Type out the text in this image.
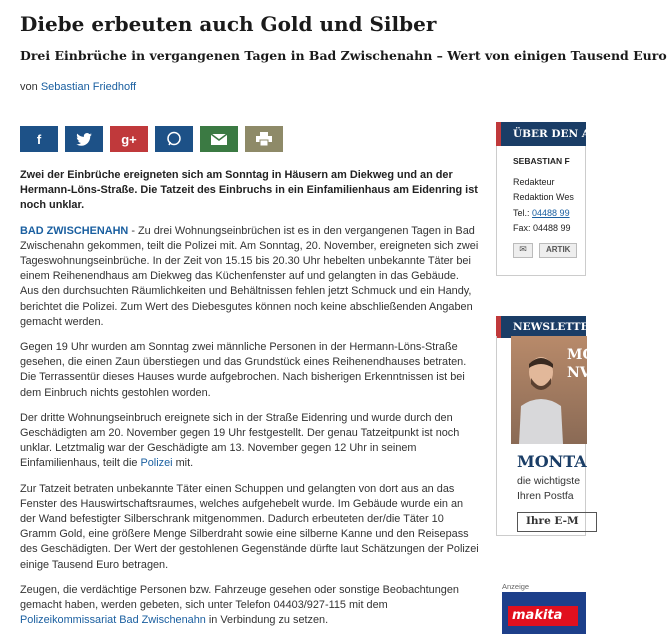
Diebe erbeuten auch Gold und Silber
Drei Einbrüche in vergangenen Tagen in Bad Zwischenahn – Wert von einigen Tausend Euro
von Sebastian Friedhoff
f	g+

Zwei der Einbrüche ereigneten sich am Sonntag in Häusern am Diekweg und an der Hermann-Löns-Straße. Die Tatzeit des Einbruchs in ein Einfamilienhaus am Eidenring ist noch unklar.

BAD ZWISCHENAHN - Zu drei Wohnungseinbrüchen ist es in den vergangenen Tagen in Bad Zwischenahn gekommen, teilt die Polizei mit. Am Sonntag, 20. November, ereigneten sich zwei Tageswohnungseinbrüche. In der Zeit von 15.15 bis 20.30 Uhr hebelten unbekannte Täter bei einem Reihenendhaus am Diekweg das Küchenfenster auf und gelangten in das Gebäude. Aus den durchsuchten Räumlichkeiten und Behältnissen fehlen jetzt Schmuck und ein Handy, berichtet die Polizei. Zum Wert des Diebesgutes können noch keine abschließenden Angaben gemacht werden.

Gegen 19 Uhr wurden am Sonntag zwei männliche Personen in der Hermann-Löns-Straße gesehen, die einen Zaun überstiegen und das Grundstück eines Reihenendhauses betraten. Die Terrassentür dieses Hauses wurde aufgebrochen. Nach bisherigen Erkenntnissen ist bei dem Einbruch nichts gestohlen worden.

Der dritte Wohnungseinbruch ereignete sich in der Straße Eidenring und wurde durch den Geschädigten am 20. November gegen 19 Uhr festgestellt. Der genau Tatzeitpunkt ist noch unklar. Letztmalig war der Geschädigte am 13. November gegen 12 Uhr in seinem Einfamilienhaus, teilt die Polizei mit.

Zur Tatzeit betraten unbekannte Täter einen Schuppen und gelangten von dort aus an das Fenster des Hauswirtschaftsraumes, welches aufgehebelt wurde. Im Gebäude wurde ein an der Wand befestigter Silberschrank mitgenommen. Dadurch erbeuteten der/die Täter 10 Gramm Gold, eine größere Menge Silberdraht sowie eine silberne Kanne und den Reisepass des Geschädigten. Der Wert der gestohlenen Gegenstände dürfte laut Schätzungen der Polizei einige Tausend Euro betragen.

Zeugen, die verdächtige Personen bzw. Fahrzeuge gesehen oder sonstige Beobachtungen gemacht haben, werden gebeten, sich unter Telefon 04403/927-115 mit dem Polizeikommissariat Bad Zwischenahn in Verbindung zu setzen.

ÜBER DEN AU
SEBASTIAN F
Redakteur
Redaktion Wes
Tel.: 04488 99
Fax: 04488 99
✉	ARTIK
NEWSLETTEI
MO
NV
MONTA
die wichtigste
Ihren Postfa
Ihre E-M
Anzeige
makita
